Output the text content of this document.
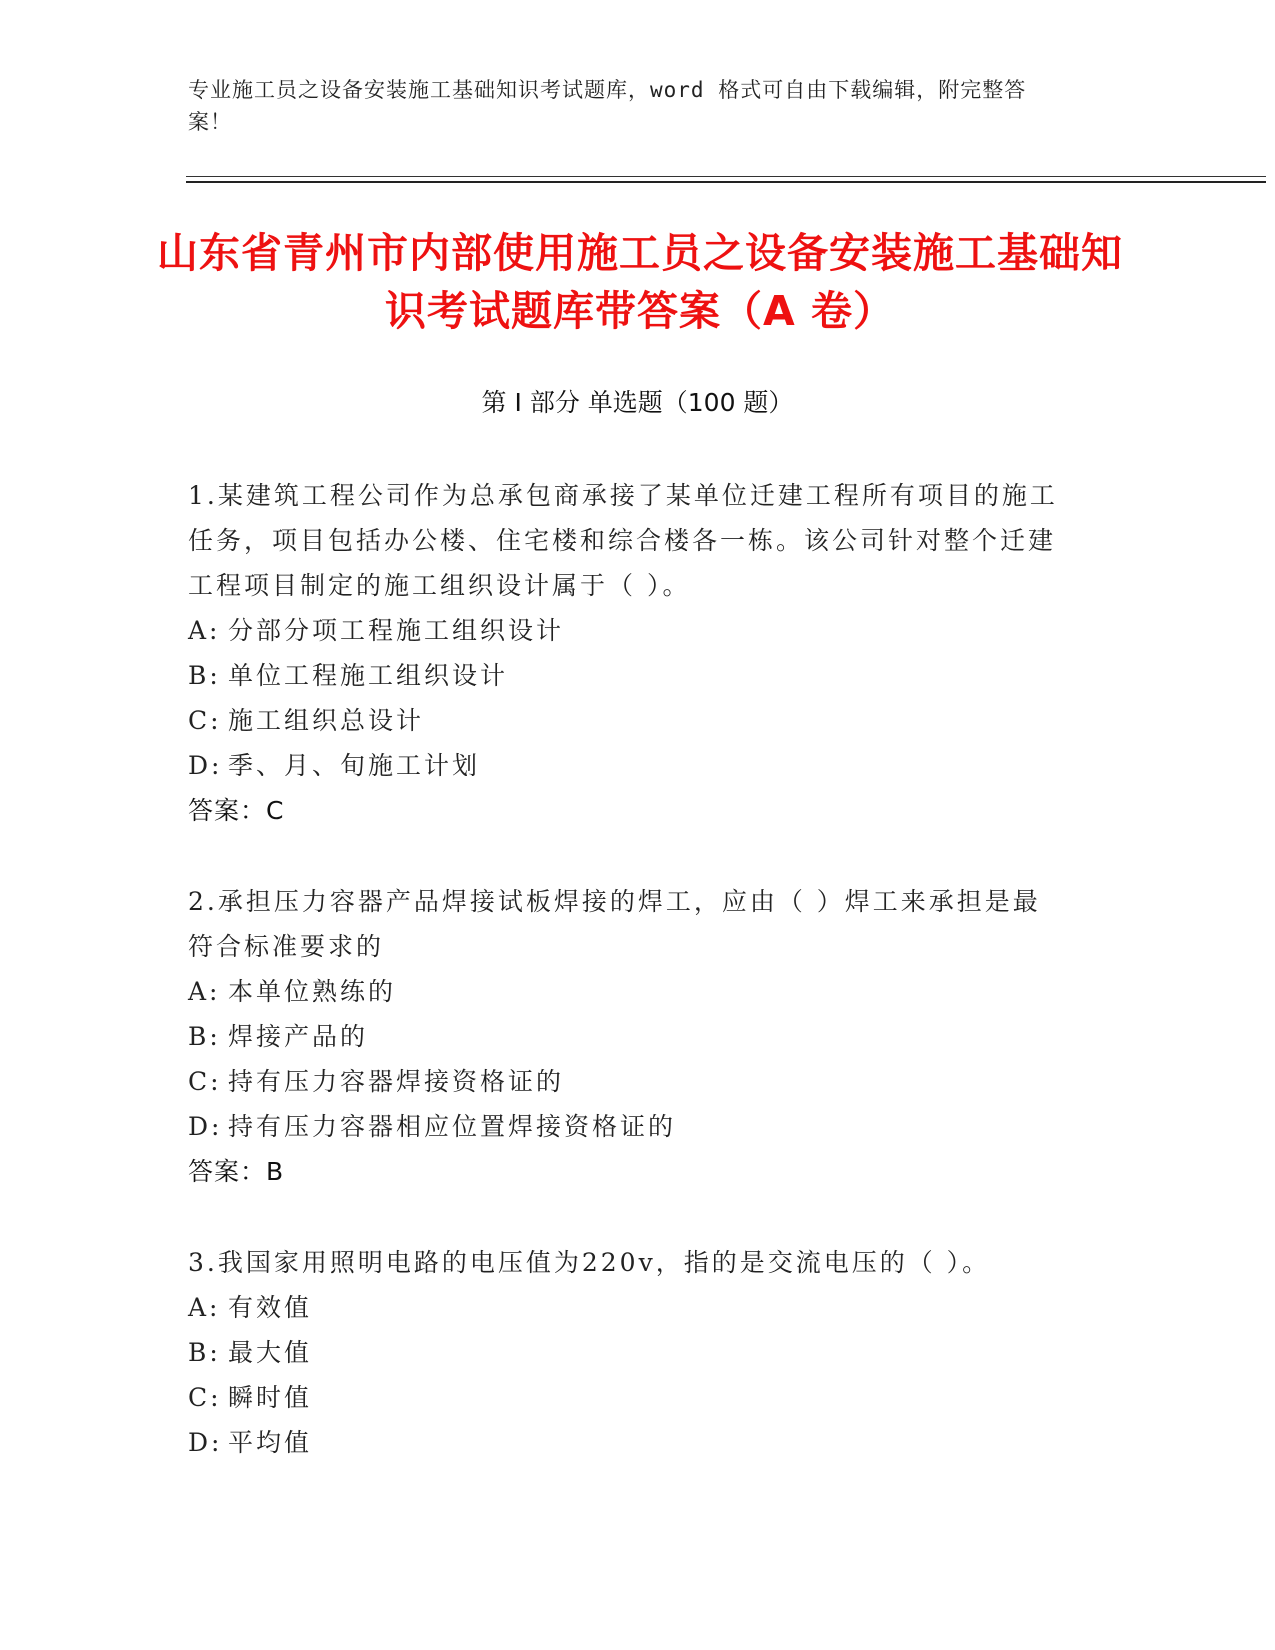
专业施工员之设备安装施工基础知识考试题库，word 格式可自由下载编辑，附完整答案！
山东省青州市内部使用施工员之设备安装施工基础知识考试题库带答案（A 卷）
第 I 部分 单选题（100 题）

1.某建筑工程公司作为总承包商承接了某单位迁建工程所有项目的施工任务，项目包括办公楼、住宅楼和综合楼各一栋。该公司针对整个迁建工程项目制定的施工组织设计属于（ ）。

A: 分部分项工程施工组织设计

B: 单位工程施工组织设计

C: 施工组织总设计

D: 季、月、旬施工计划

答案：C

2.承担压力容器产品焊接试板焊接的焊工，应由（ ）焊工来承担是最符合标准要求的

A: 本单位熟练的

B: 焊接产品的

C: 持有压力容器焊接资格证的

D: 持有压力容器相应位置焊接资格证的

答案：B

3.我国家用照明电路的电压值为220v，指的是交流电压的（ ）。

A: 有效值

B: 最大值

C: 瞬时值

D: 平均值
